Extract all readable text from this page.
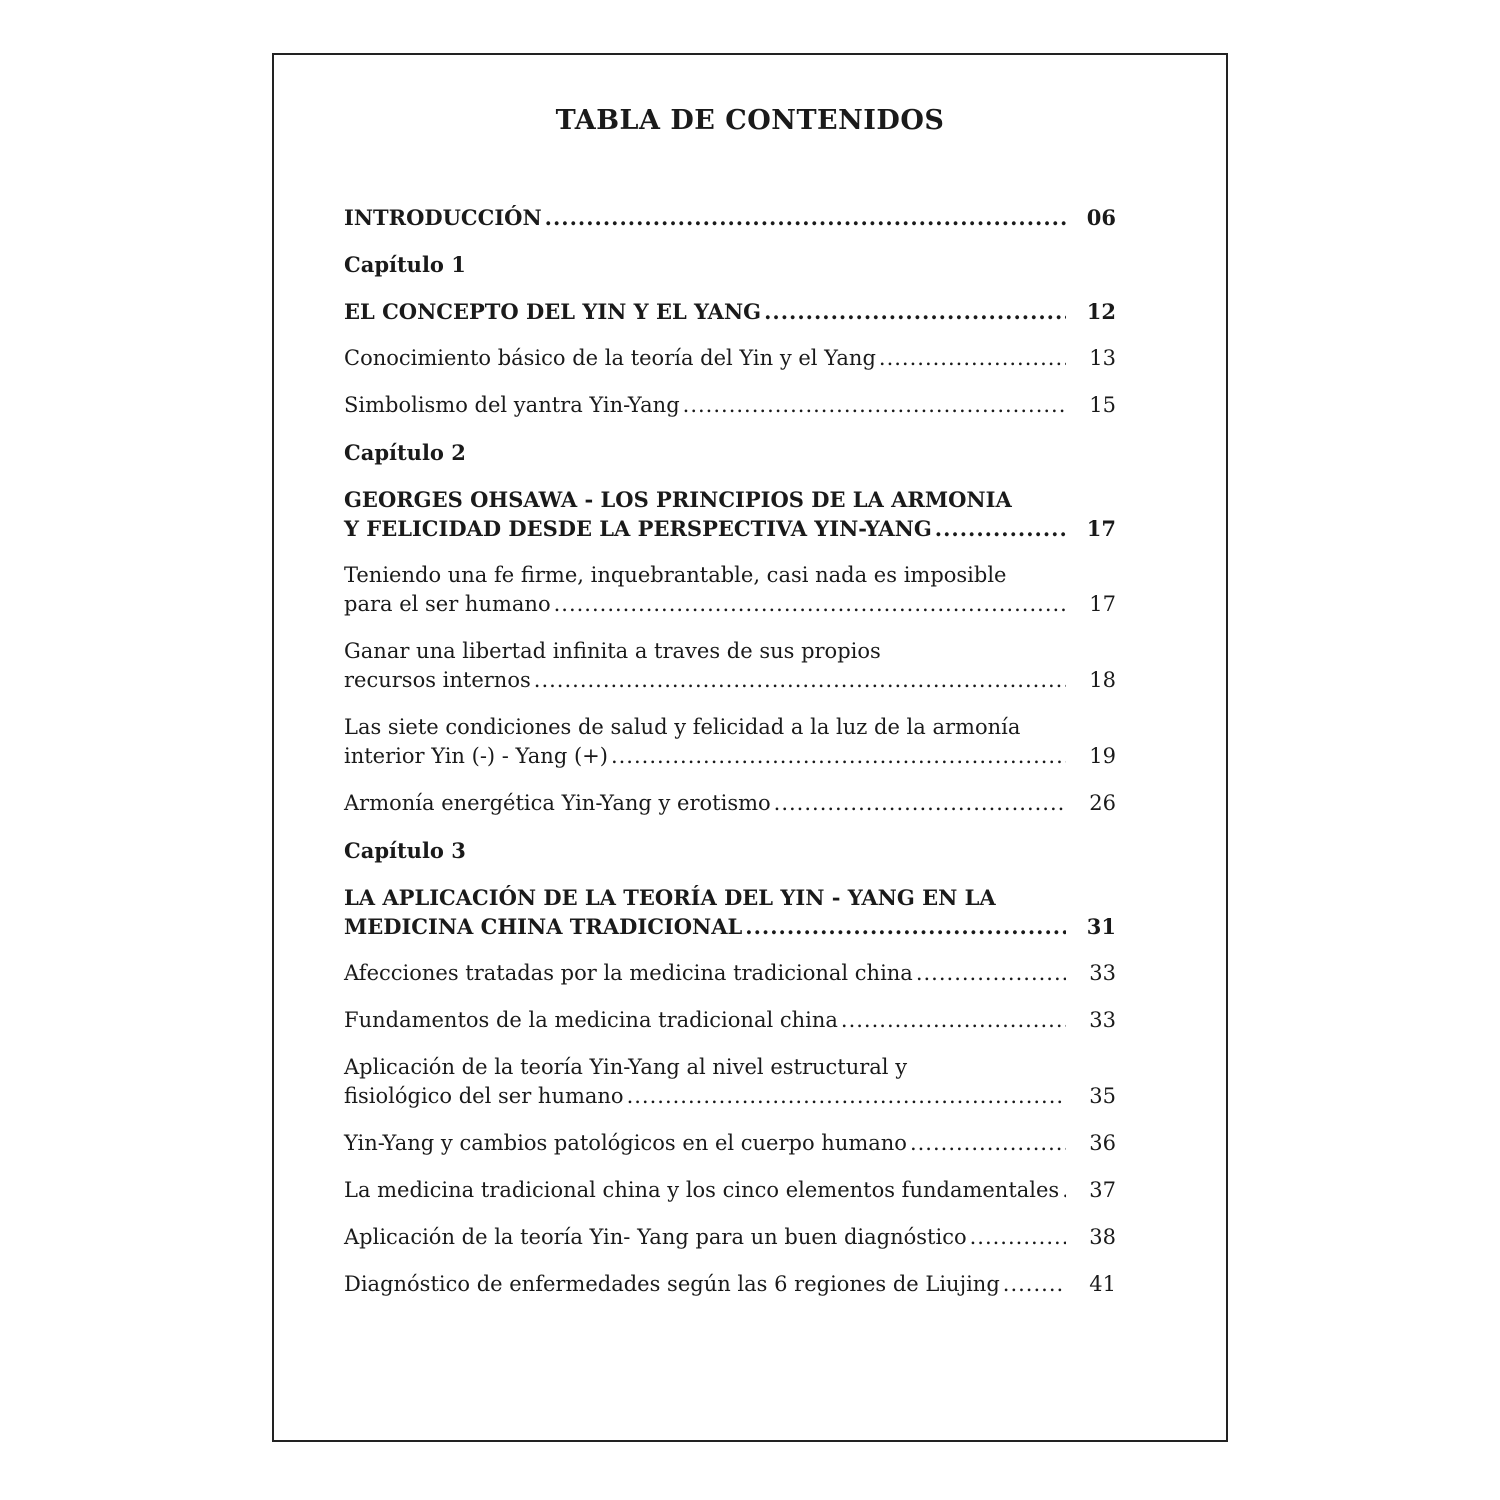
TABLA DE CONTENIDOS
INTRODUCCIÓN .....	06
Capítulo 1
EL CONCEPTO DEL YIN Y EL YANG .....	12
Conocimiento básico de la teoría del Yin y el Yang .....	13
Simbolismo del yantra Yin-Yang .....	15
Capítulo 2
GEORGES OHSAWA - LOS PRINCIPIOS DE LA ARMONIA
Y FELICIDAD DESDE LA PERSPECTIVA YIN-YANG .....	17
Teniendo una fe firme, inquebrantable, casi nada es imposible
para el ser humano .....	17
Ganar una libertad infinita a traves de sus propios
recursos internos .....	18
Las siete condiciones de salud y felicidad a la luz de la armonía
interior Yin (-) - Yang (+) .....	19
Armonía energética Yin-Yang y erotismo .....	26
Capítulo 3
LA APLICACIÓN DE LA TEORÍA DEL YIN - YANG EN LA
MEDICINA CHINA TRADICIONAL .....	31
Afecciones tratadas por la medicina tradicional china .....	33
Fundamentos de la medicina tradicional china .....	33
Aplicación de la teoría Yin-Yang al nivel estructural y
fisiológico del ser humano .....	35
Yin-Yang y cambios patológicos en el cuerpo humano .....	36
La medicina tradicional china y los cinco elementos fundamentales .....	37
Aplicación de la teoría Yin- Yang para un buen diagnóstico .....	38
Diagnóstico de enfermedades según las 6 regiones de Liujing .....	41
